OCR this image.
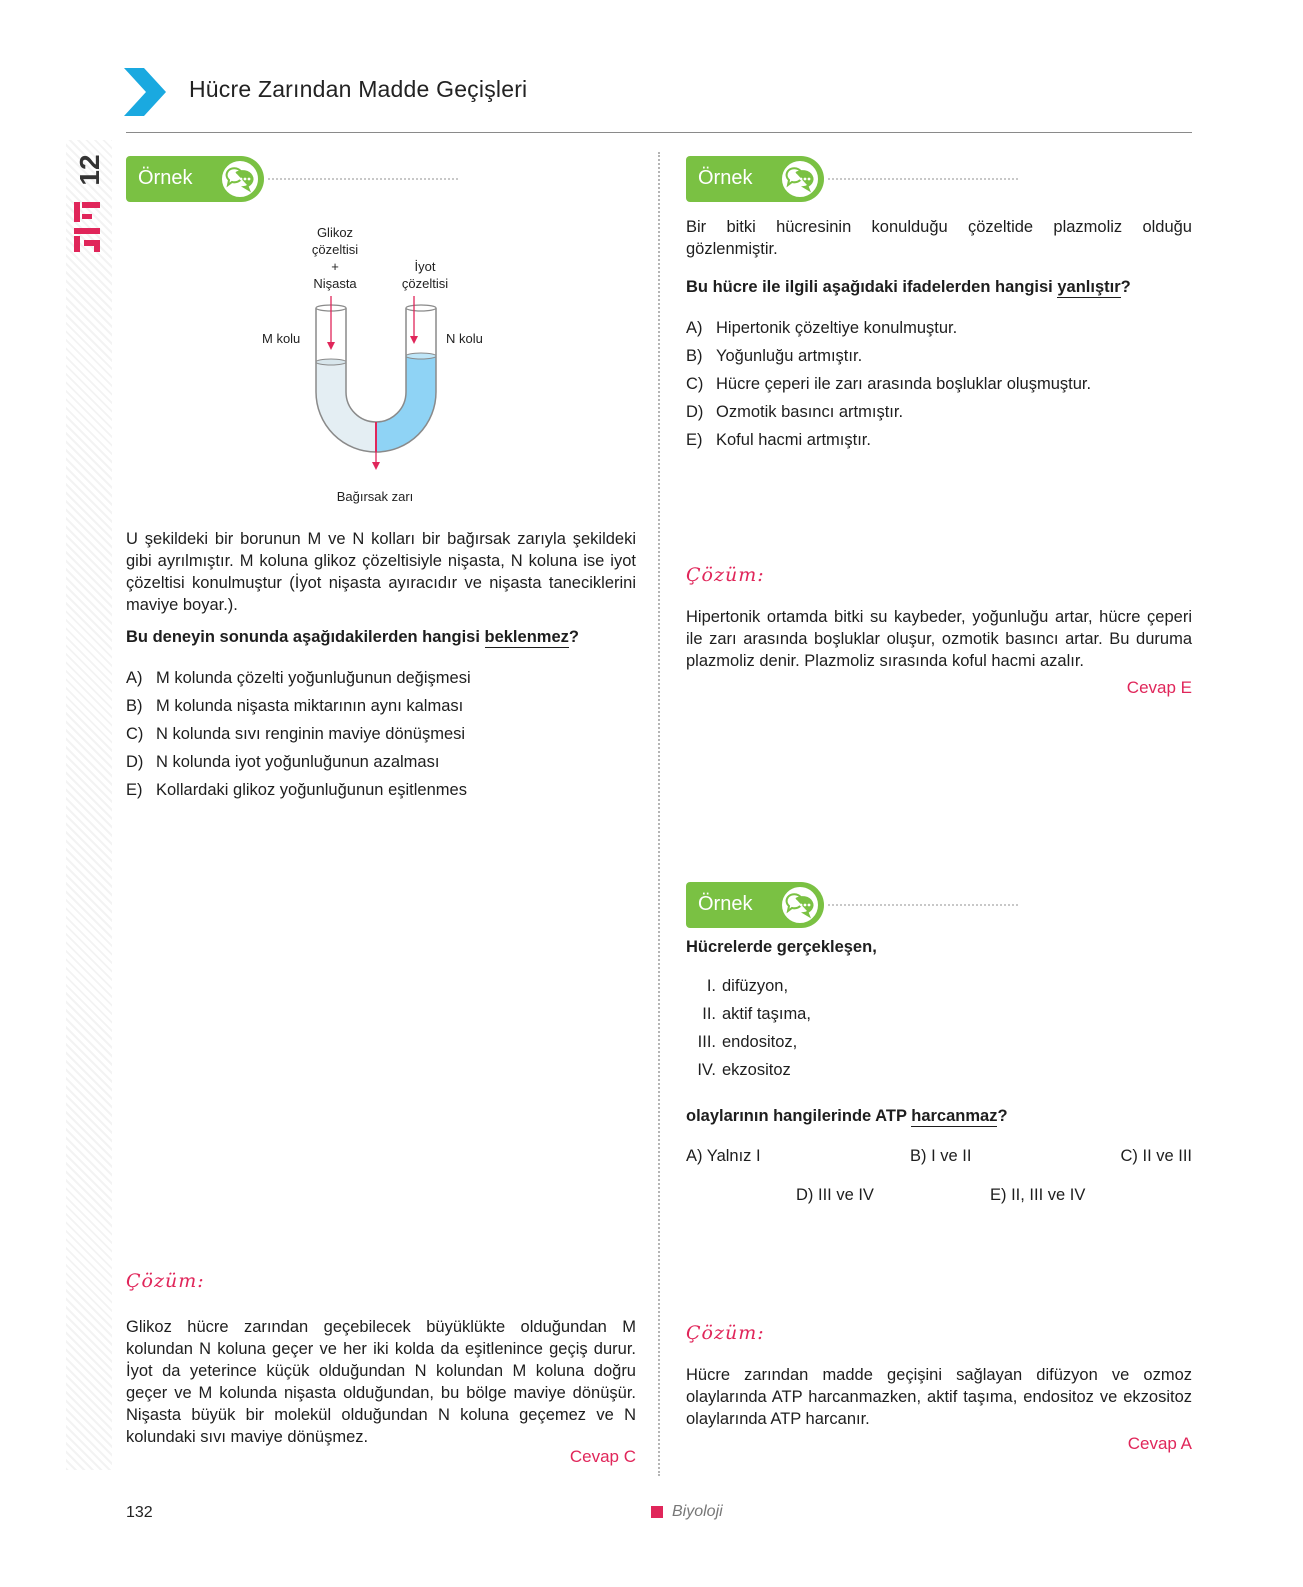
Hücre Zarından Madde Geçişleri
12 Örnek
Glikoz
çözeltisi
+
Nişasta
İyot
çözeltisi
M kolu	N kolu
Bağırsak zarı
U şekildeki bir borunun M ve N kolları bir bağırsak zarıyla şekildeki gibi ayrılmıştır. M koluna glikoz çözeltisiyle nişasta, N koluna ise iyot çözeltisi konulmuştur (İyot nişasta ayıracıdır ve nişasta taneciklerini maviye boyar.).
Bu deneyin sonunda aşağıdakilerden hangisi beklenmez?
A) M kolunda çözelti yoğunluğunun değişmesi
B) M kolunda nişasta miktarının aynı kalması
C) N kolunda sıvı renginin maviye dönüşmesi
D) N kolunda iyot yoğunluğunun azalması
E) Kollardaki glikoz yoğunluğunun eşitlenmes
Çözüm:
Glikoz hücre zarından geçebilecek büyüklükte olduğundan M kolundan N koluna geçer ve her iki kolda da eşitlenince geçiş durur. İyot da yeterince küçük olduğundan N kolundan M koluna doğru geçer ve M kolunda nişasta olduğundan, bu bölge maviye dönüşür. Nişasta büyük bir molekül olduğundan N koluna geçemez ve N kolundaki sıvı maviye dönüşmez.
Cevap C
Örnek
Bir bitki hücresinin konulduğu çözeltide plazmoliz olduğu gözlenmiştir.
Bu hücre ile ilgili aşağıdaki ifadelerden hangisi yanlıştır?
A) Hipertonik çözeltiye konulmuştur.
B) Yoğunluğu artmıştır.
C) Hücre çeperi ile zarı arasında boşluklar oluşmuştur.
D) Ozmotik basıncı artmıştır.
E) Koful hacmi artmıştır.
Çözüm:
Hipertonik ortamda bitki su kaybeder, yoğunluğu artar, hücre çeperi ile zarı arasında boşluklar oluşur, ozmotik basıncı artar. Bu duruma plazmoliz denir. Plazmoliz sırasında koful hacmi azalır.
Cevap E
Örnek
Hücrelerde gerçekleşen,
I. difüzyon,
II. aktif taşıma,
III. endositoz,
IV. ekzositoz
olaylarının hangilerinde ATP harcanmaz?
A) Yalnız I	B) I ve II	C) II ve III
D) III ve IV	E) II, III ve IV
Çözüm:
Hücre zarından madde geçişini sağlayan difüzyon ve ozmoz olaylarında ATP harcanmazken, aktif taşıma, endositoz ve ekzositoz olaylarında ATP harcanır.
Cevap A
132	Biyoloji
